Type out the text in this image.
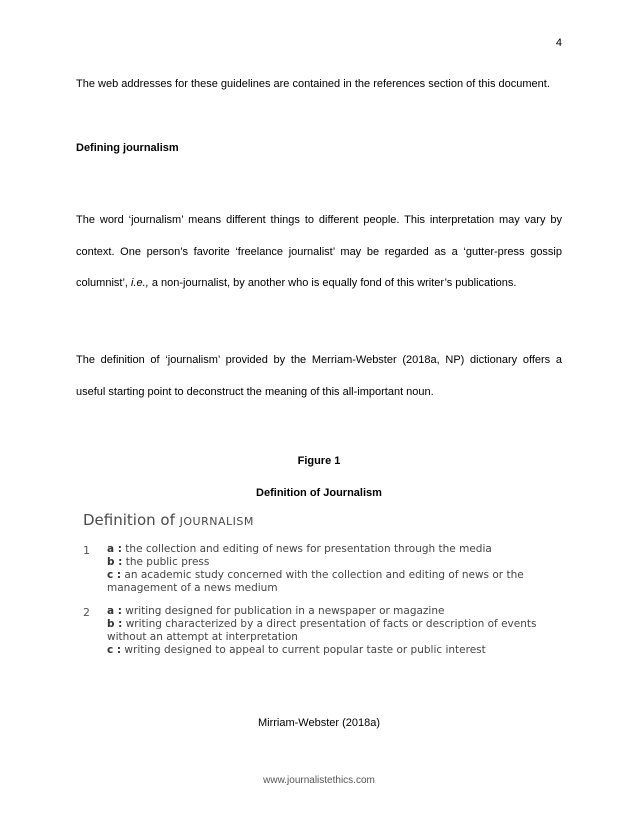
4
The web addresses for these guidelines are contained in the references section of this document.
Defining journalism
The word ‘journalism’ means different things to different people. This interpretation may vary by
context. One person’s favorite ‘freelance journalist’ may be regarded as a ‘gutter-press gossip
columnist’, i.e., a non-journalist, by another who is equally fond of this writer’s publications.
The definition of ‘journalism’ provided by the Merriam-Webster (2018a, NP) dictionary offers a
useful starting point to deconstruct the meaning of this all-important noun.
Figure 1
Definition of Journalism
Definition of JOURNALISM
1	a : the collection and editing of news for presentation through the media
b : the public press
c : an academic study concerned with the collection and editing of news or the management of a news medium
2	a : writing designed for publication in a newspaper or magazine
b : writing characterized by a direct presentation of facts or description of events without an attempt at interpretation
c : writing designed to appeal to current popular taste or public interest
Mirriam-Webster (2018a)
www.journalistethics.com
